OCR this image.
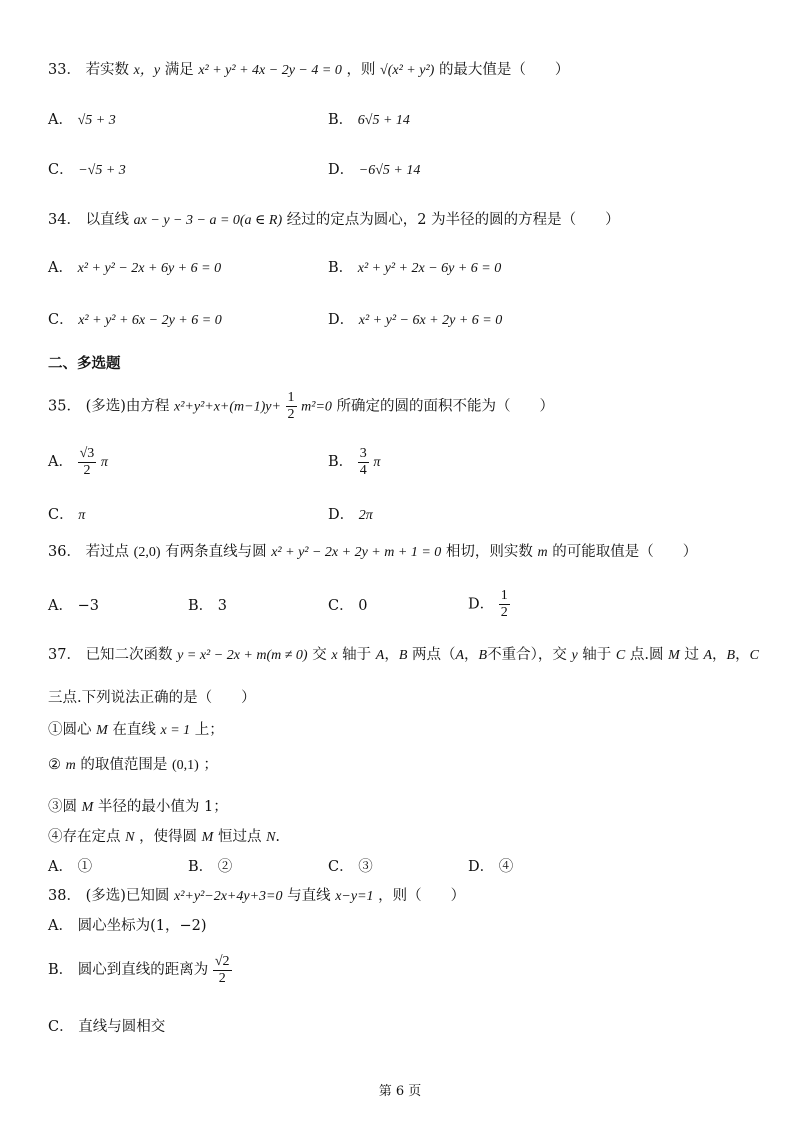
33． 若实数 x，y 满足 x² + y² + 4x − 2y − 4 = 0 ，则 √(x² + y²) 的最大值是（　　）
A． √5 + 3	B． 6√5 + 14
C． −√5 + 3	D． −6√5 + 14
34． 以直线 ax − y − 3 − a = 0(a ∈ R) 经过的定点为圆心，2 为半径的圆的方程是（　　）
A． x² + y² − 2x + 6y + 6 = 0	B． x² + y² + 2x − 6y + 6 = 0
C． x² + y² + 6x − 2y + 6 = 0	D． x² + y² − 6x + 2y + 6 = 0
二、多选题
35． (多选)由方程 $x^2+y^2+x+(m-1)y+ \frac{1}{2} m^2=0$ 所确定的圆的面积不能为（　　）
A． $\frac{√3}{2}$ π	B． $\frac{3}{4}$ π
C． π	D． 2π
36． 若过点 (2,0) 有两条直线与圆 x² + y² − 2x + 2y + m + 1 = 0 相切，则实数 m 的可能取值是（　　）
A． −3	B． 3	C． 0	D． $\frac{1}{2}$
37． 已知二次函数 y = x² − 2x + m(m ≠ 0) 交 x 轴于 A，B 两点（A，B不重合），交 y 轴于 C 点.圆 M 过 A，B，C
三点.下列说法正确的是（　　）
①圆心 M 在直线 x = 1 上；
② m 的取值范围是 (0,1) ；
③圆 M 半径的最小值为 1；
④存在定点 N ，使得圆 M 恒过点 N.
A． ①	B． ②	C． ③	D． ④
38． (多选)已知圆 x²+y²−2x+4y+3=0 与直线 x−y=1 ，则（　　）
A． 圆心坐标为(1，−2)
B． 圆心到直线的距离为 $\frac{√2}{2}$
C． 直线与圆相交
第 6 页
